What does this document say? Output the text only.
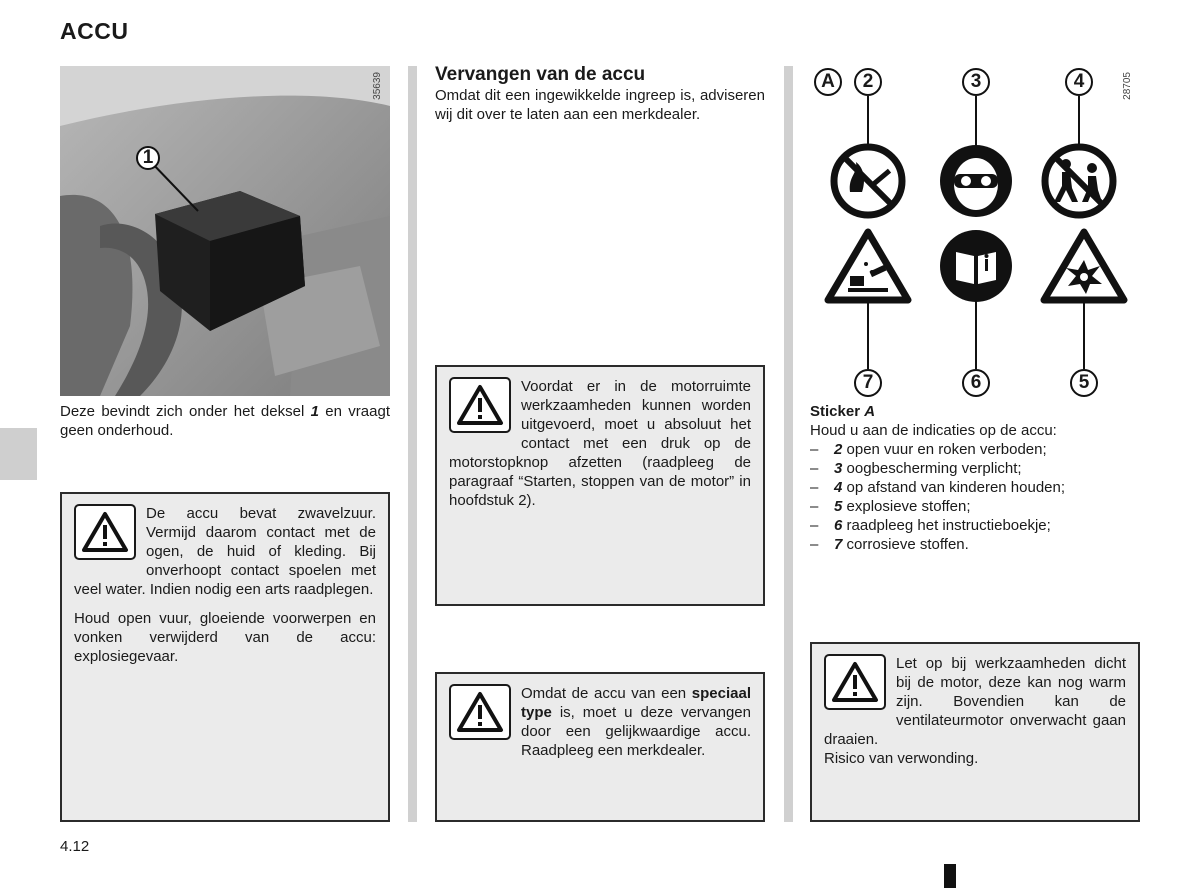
ACCU
1
35639
Deze bevindt zich onder het deksel 1 en vraagt geen onderhoud.

De accu bevat zwavelzuur. Vermijd daarom contact met de ogen, de huid of kleding. Bij onverhoopt contact spoelen met veel water. Indien nodig een arts raadplegen.

Houd open vuur, gloeiende voorwerpen en vonken verwijderd van de accu: explosiegevaar.

Vervangen van de accu
Omdat dit een ingewikkelde ingreep is, adviseren wij dit over te laten aan een merkdealer.

Voordat er in de motorruimte werkzaamheden kunnen worden uitgevoerd, moet u absoluut het contact met een druk op de motorstopknop afzetten (raadpleeg de paragraaf “Starten, stoppen van de motor” in hoofdstuk 2).

Omdat de accu van een speciaal type is, moet u deze vervangen door een gelijkwaardige accu. Raadpleeg een merkdealer.

A	2	3	4	28705
7	6	5
Sticker A
Houd u aan de indicaties op de accu:
– 2 open vuur en roken verboden;
– 3 oogbescherming verplicht;
– 4 op afstand van kinderen houden;
– 5 explosieve stoffen;
– 6 raadpleeg het instructieboekje;
– 7 corrosieve stoffen.

Let op bij werkzaamheden dicht bij de motor, deze kan nog warm zijn. Bovendien kan de ventilateurmotor onverwacht gaan draaien.

Risico van verwonding.

4.12
